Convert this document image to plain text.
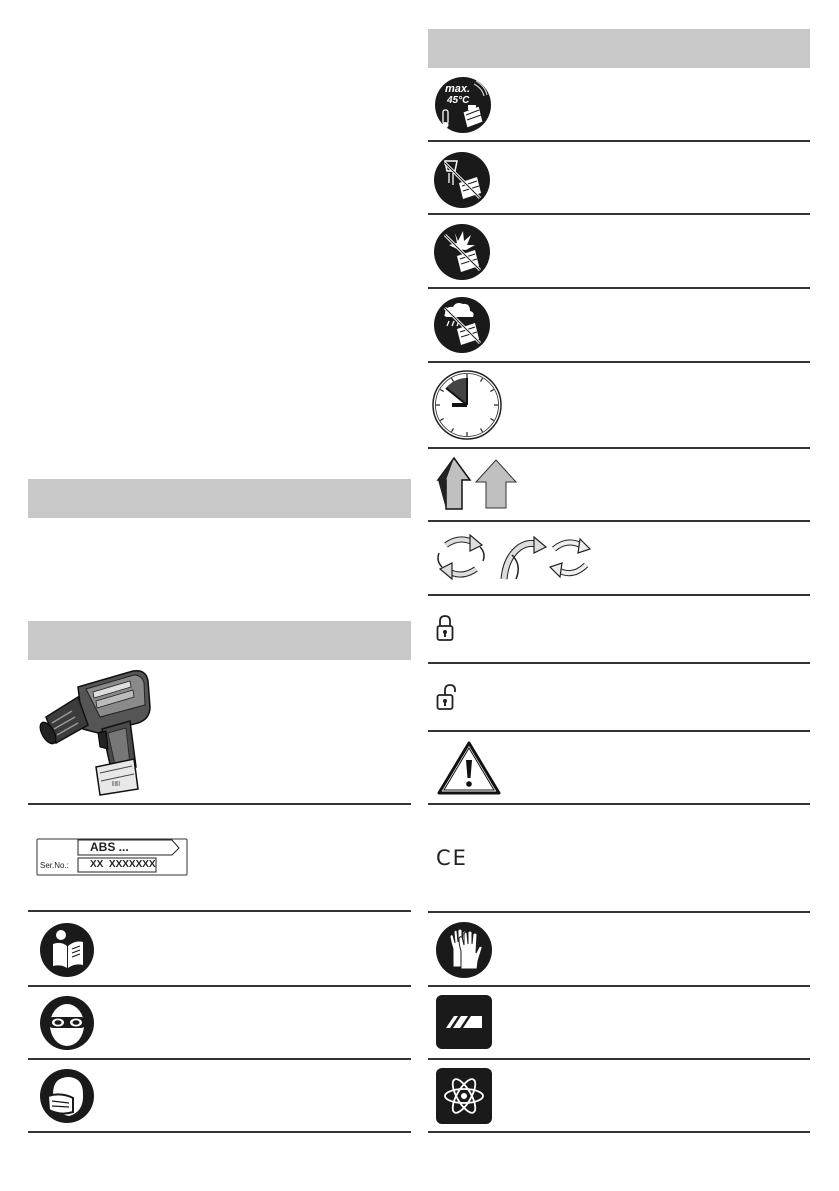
||||||
ABS ...
Ser.No.: XX  XXXXXXX
max.
45°C
CE
